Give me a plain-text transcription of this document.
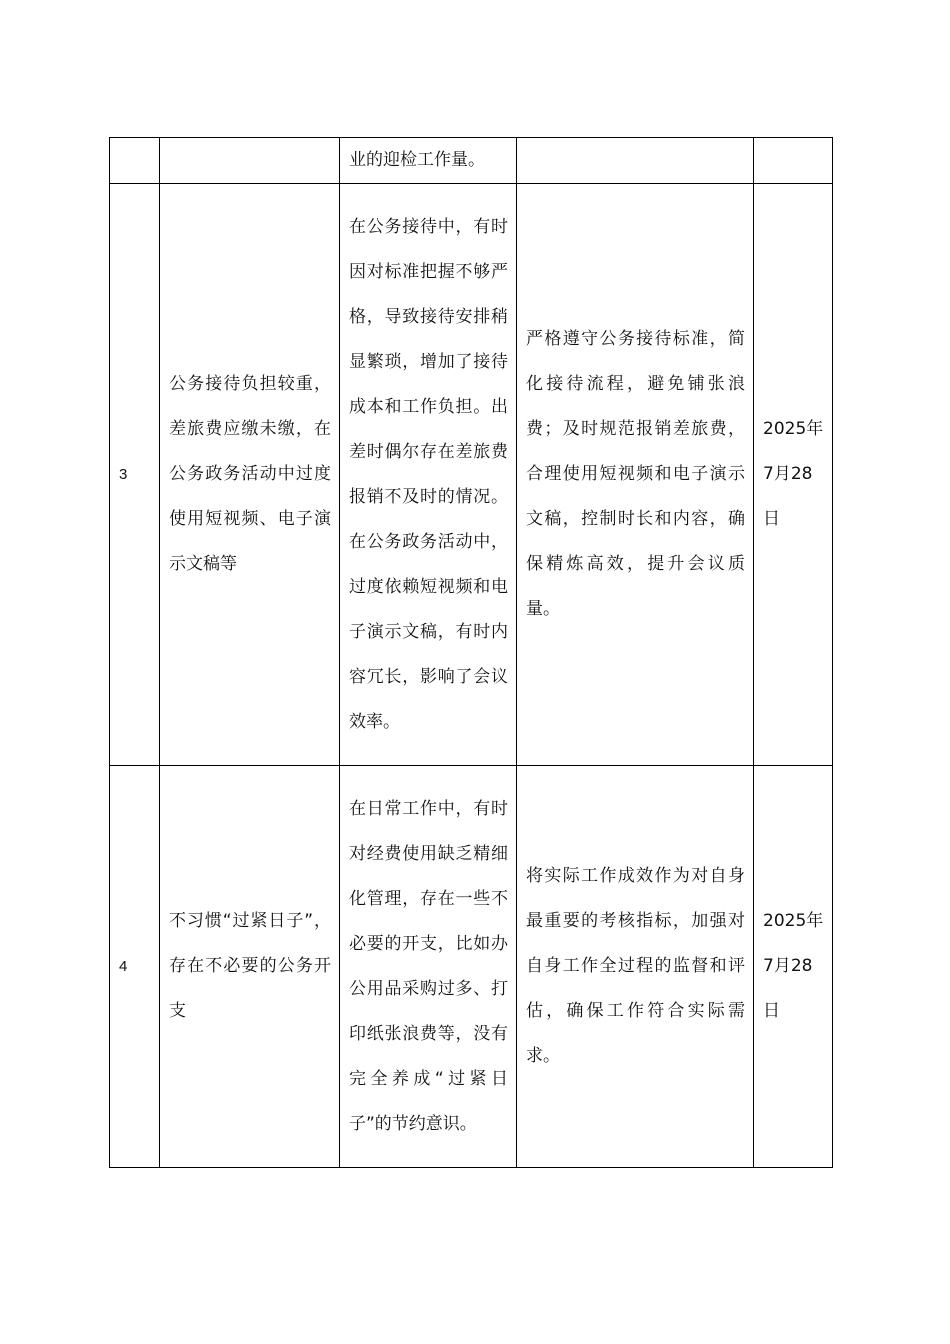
		业的迎检工作量。		
3	公务接待负担较重，差旅费应缴未缴，在公务政务活动中过度使用短视频、电子演示文稿等	在公务接待中，有时因对标准把握不够严格，导致接待安排稍显繁琐，增加了接待成本和工作负担。出差时偶尔存在差旅费报销不及时的情况。在公务政务活动中，过度依赖短视频和电子演示文稿，有时内容冗长，影响了会议效率。	严格遵守公务接待标准，简化接待流程，避免铺张浪费；及时规范报销差旅费，合理使用短视频和电子演示文稿，控制时长和内容，确保精炼高效，提升会议质量。	2025年7月28日
4	不习惯“过紧日子”，存在不必要的公务开支	在日常工作中，有时对经费使用缺乏精细化管理，存在一些不必要的开支，比如办公用品采购过多、打印纸张浪费等，没有完全养成“过紧日子”的节约意识。	将实际工作成效作为对自身最重要的考核指标，加强对自身工作全过程的监督和评估，确保工作符合实际需求。	2025年7月28日
